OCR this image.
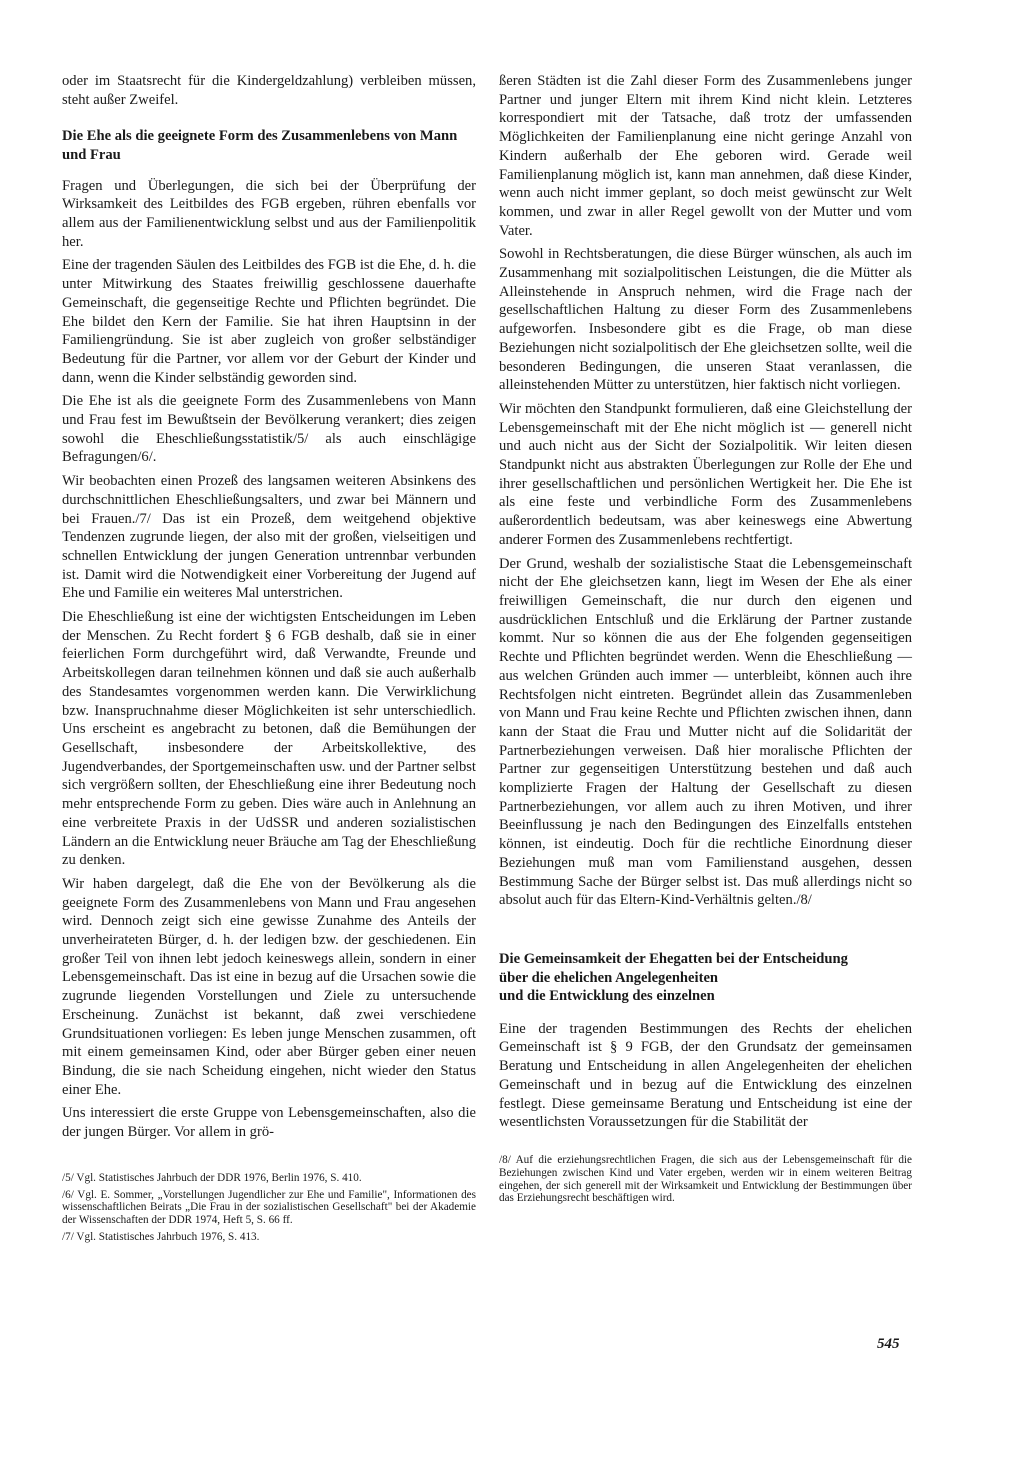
oder im Staatsrecht für die Kindergeldzahlung) verbleiben müssen, steht außer Zweifel.

Die Ehe als die geeignete Form des Zusammenlebens von Mann und Frau

Fragen und Überlegungen, die sich bei der Überprüfung der Wirksamkeit des Leitbildes des FGB ergeben, rühren ebenfalls vor allem aus der Familienentwicklung selbst und aus der Familienpolitik her.

Eine der tragenden Säulen des Leitbildes des FGB ist die Ehe, d. h. die unter Mitwirkung des Staates freiwillig geschlossene dauerhafte Gemeinschaft, die gegenseitige Rechte und Pflichten begründet. Die Ehe bildet den Kern der Familie. Sie hat ihren Hauptsinn in der Familiengründung. Sie ist aber zugleich von großer selbständiger Bedeutung für die Partner, vor allem vor der Geburt der Kinder und dann, wenn die Kinder selbständig geworden sind.

Die Ehe ist als die geeignete Form des Zusammenlebens von Mann und Frau fest im Bewußtsein der Bevölkerung verankert; dies zeigen sowohl die Eheschließungsstatistik/5/ als auch einschlägige Befragungen/6/.

Wir beobachten einen Prozeß des langsamen weiteren Absinkens des durchschnittlichen Eheschließungsalters, und zwar bei Männern und bei Frauen./7/ Das ist ein Prozeß, dem weitgehend objektive Tendenzen zugrunde liegen, der also mit der großen, vielseitigen und schnellen Entwicklung der jungen Generation untrennbar verbunden ist. Damit wird die Notwendigkeit einer Vorbereitung der Jugend auf Ehe und Familie ein weiteres Mal unterstrichen.

Die Eheschließung ist eine der wichtigsten Entscheidungen im Leben der Menschen. Zu Recht fordert § 6 FGB deshalb, daß sie in einer feierlichen Form durchgeführt wird, daß Verwandte, Freunde und Arbeitskollegen daran teilnehmen können und daß sie auch außerhalb des Standesamtes vorgenommen werden kann. Die Verwirklichung bzw. Inanspruchnahme dieser Möglichkeiten ist sehr unterschiedlich. Uns erscheint es angebracht zu betonen, daß die Bemühungen der Gesellschaft, insbesondere der Arbeitskollektive, des Jugendverbandes, der Sportgemeinschaften usw. und der Partner selbst sich vergrößern sollten, der Eheschließung eine ihrer Bedeutung noch mehr entsprechende Form zu geben. Dies wäre auch in Anlehnung an eine verbreitete Praxis in der UdSSR und anderen sozialistischen Ländern an die Entwicklung neuer Bräuche am Tag der Eheschließung zu denken.

Wir haben dargelegt, daß die Ehe von der Bevölkerung als die geeignete Form des Zusammenlebens von Mann und Frau angesehen wird. Dennoch zeigt sich eine gewisse Zunahme des Anteils der unverheirateten Bürger, d. h. der ledigen bzw. der geschiedenen. Ein großer Teil von ihnen lebt jedoch keineswegs allein, sondern in einer Lebensgemeinschaft. Das ist eine in bezug auf die Ursachen sowie die zugrunde liegenden Vorstellungen und Ziele zu untersuchende Erscheinung. Zunächst ist bekannt, daß zwei verschiedene Grundsituationen vorliegen: Es leben junge Menschen zusammen, oft mit einem gemeinsamen Kind, oder aber Bürger geben einer neuen Bindung, die sie nach Scheidung eingehen, nicht wieder den Status einer Ehe.

Uns interessiert die erste Gruppe von Lebensgemeinschaften, also die der jungen Bürger. Vor allem in grö-

/5/ Vgl. Statistisches Jahrbuch der DDR 1976, Berlin 1976, S. 410.
/6/ Vgl. E. Sommer, „Vorstellungen Jugendlicher zur Ehe und Familie", Informationen des wissenschaftlichen Beirats „Die Frau in der sozialistischen Gesellschaft" bei der Akademie der Wissenschaften der DDR 1974, Heft 5, S. 66 ff.
/7/ Vgl. Statistisches Jahrbuch 1976, S. 413.

ßeren Städten ist die Zahl dieser Form des Zusammenlebens junger Partner und junger Eltern mit ihrem Kind nicht klein. Letzteres korrespondiert mit der Tatsache, daß trotz der umfassenden Möglichkeiten der Familienplanung eine nicht geringe Anzahl von Kindern außerhalb der Ehe geboren wird. Gerade weil Familienplanung möglich ist, kann man annehmen, daß diese Kinder, wenn auch nicht immer geplant, so doch meist gewünscht zur Welt kommen, und zwar in aller Regel gewollt von der Mutter und vom Vater.

Sowohl in Rechtsberatungen, die diese Bürger wünschen, als auch im Zusammenhang mit sozialpolitischen Leistungen, die die Mütter als Alleinstehende in Anspruch nehmen, wird die Frage nach der gesellschaftlichen Haltung zu dieser Form des Zusammenlebens aufgeworfen. Insbesondere gibt es die Frage, ob man diese Beziehungen nicht sozialpolitisch der Ehe gleichsetzen sollte, weil die besonderen Bedingungen, die unseren Staat veranlassen, die alleinstehenden Mütter zu unterstützen, hier faktisch nicht vorliegen.

Wir möchten den Standpunkt formulieren, daß eine Gleichstellung der Lebensgemeinschaft mit der Ehe nicht möglich ist — generell nicht und auch nicht aus der Sicht der Sozialpolitik. Wir leiten diesen Standpunkt nicht aus abstrakten Überlegungen zur Rolle der Ehe und ihrer gesellschaftlichen und persönlichen Wertigkeit her. Die Ehe ist als eine feste und verbindliche Form des Zusammenlebens außerordentlich bedeutsam, was aber keineswegs eine Abwertung anderer Formen des Zusammenlebens rechtfertigt.

Der Grund, weshalb der sozialistische Staat die Lebensgemeinschaft nicht der Ehe gleichsetzen kann, liegt im Wesen der Ehe als einer freiwilligen Gemeinschaft, die nur durch den eigenen und ausdrücklichen Entschluß und die Erklärung der Partner zustande kommt. Nur so können die aus der Ehe folgenden gegenseitigen Rechte und Pflichten begründet werden. Wenn die Eheschließung — aus welchen Gründen auch immer — unterbleibt, können auch ihre Rechtsfolgen nicht eintreten. Begründet allein das Zusammenleben von Mann und Frau keine Rechte und Pflichten zwischen ihnen, dann kann der Staat die Frau und Mutter nicht auf die Solidarität der Partnerbeziehungen verweisen. Daß hier moralische Pflichten der Partner zur gegenseitigen Unterstützung bestehen und daß auch komplizierte Fragen der Haltung der Gesellschaft zu diesen Partnerbeziehungen, vor allem auch zu ihren Motiven, und ihrer Beeinflussung je nach den Bedingungen des Einzelfalls entstehen können, ist eindeutig. Doch für die rechtliche Einordnung dieser Beziehungen muß man vom Familienstand ausgehen, dessen Bestimmung Sache der Bürger selbst ist. Das muß allerdings nicht so absolut auch für das Eltern-Kind-Verhältnis gelten./8/

Die Gemeinsamkeit der Ehegatten bei der Entscheidung
über die ehelichen Angelegenheiten
und die Entwicklung des einzelnen

Eine der tragenden Bestimmungen des Rechts der ehelichen Gemeinschaft ist § 9 FGB, der den Grundsatz der gemeinsamen Beratung und Entscheidung in allen Angelegenheiten der ehelichen Gemeinschaft und in bezug auf die Entwicklung des einzelnen festlegt. Diese gemeinsame Beratung und Entscheidung ist eine der wesentlichsten Voraussetzungen für die Stabilität der

/8/ Auf die erziehungsrechtlichen Fragen, die sich aus der Lebensgemeinschaft für die Beziehungen zwischen Kind und Vater ergeben, werden wir in einem weiteren Beitrag eingehen, der sich generell mit der Wirksamkeit und Entwicklung der Bestimmungen über das Erziehungsrecht beschäftigen wird.
545
